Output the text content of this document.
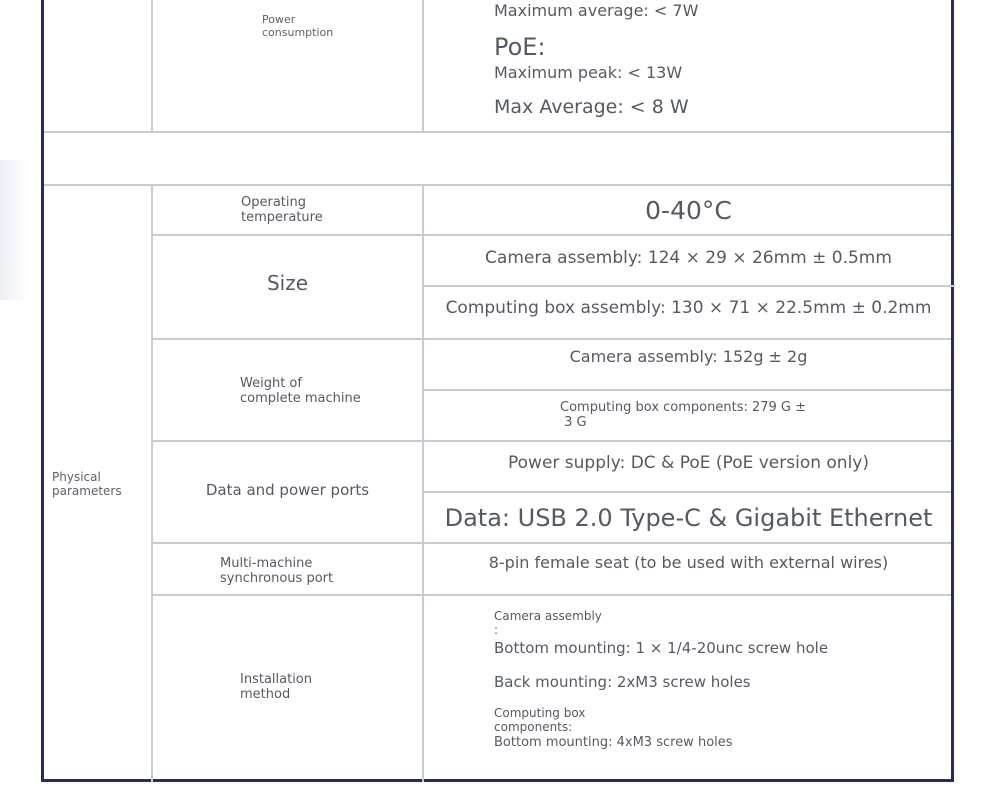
Power
consumption
Maximum average: < 7W
PoE:
Maximum peak: < 13W
Max Average: < 8 W
Physical
parameters
Operating
temperature	0-40°C
Size
Camera assembly: 124 × 29 × 26mm ± 0.5mm
Computing box assembly: 130 × 71 × 22.5mm ± 0.2mm
Weight of
complete machine
Camera assembly: 152g ± 2g
Computing box components: 279 G ±
3 G
Data and power ports
Power supply: DC & PoE (PoE version only)
Data: USB 2.0 Type-C & Gigabit Ethernet
Multi-machine
synchronous port
8-pin female seat (to be used with external wires)
Installation
method
Camera assembly
:
Bottom mounting: 1 × 1/4-20unc screw hole
Back mounting: 2xM3 screw holes
Computing box
components:
Bottom mounting: 4xM3 screw holes
